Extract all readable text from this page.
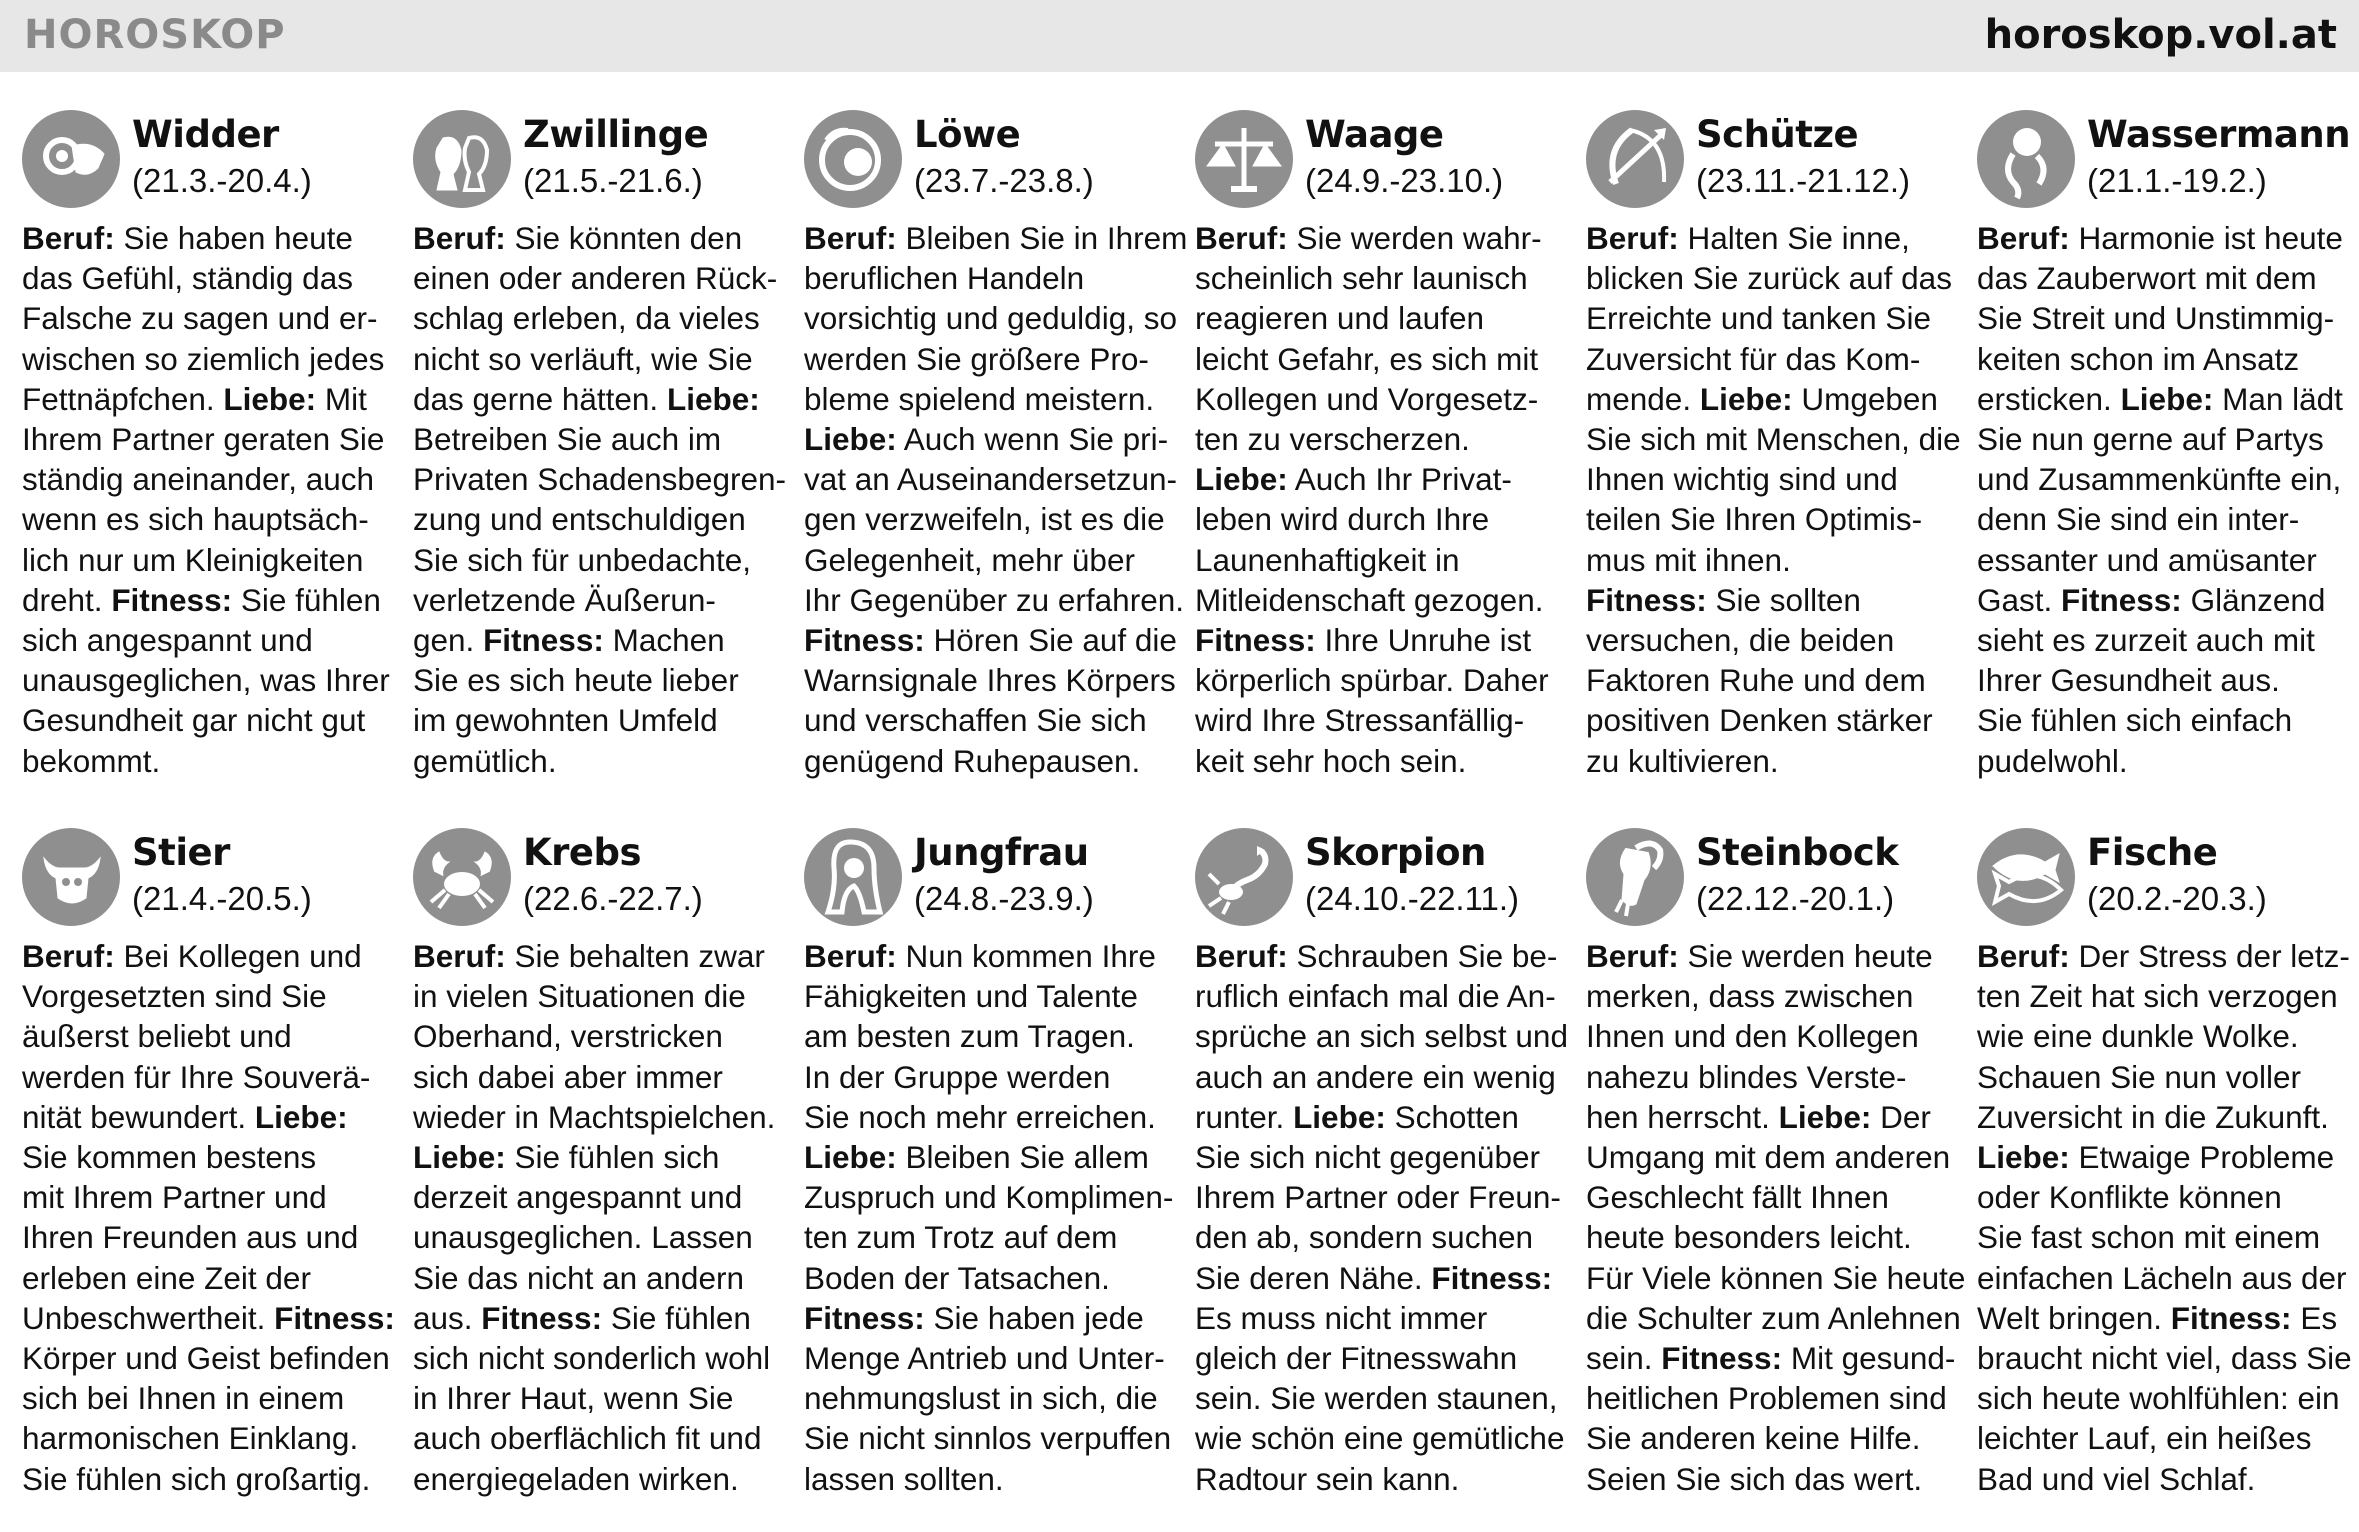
HOROSKOP	horoskop.vol.at
Widder
(21.3.-20.4.)

Beruf: Sie haben heute
das Gefühl, ständig das
Falsche zu sagen und er-
wischen so ziemlich jedes
Fettnäpfchen. Liebe: Mit
Ihrem Partner geraten Sie
ständig aneinander, auch
wenn es sich hauptsäch-
lich nur um Kleinigkeiten
dreht. Fitness: Sie fühlen
sich angespannt und
unausgeglichen, was Ihrer
Gesundheit gar nicht gut
bekommt.

Zwillinge
(21.5.-21.6.)

Beruf: Sie könnten den
einen oder anderen Rück-
schlag erleben, da vieles
nicht so verläuft, wie Sie
das gerne hätten. Liebe:
Betreiben Sie auch im
Privaten Schadensbegren-
zung und entschuldigen
Sie sich für unbedachte,
verletzende Äußerun-
gen. Fitness: Machen
Sie es sich heute lieber
im gewohnten Umfeld
gemütlich.

Löwe
(23.7.-23.8.)

Beruf: Bleiben Sie in Ihrem
beruflichen Handeln
vorsichtig und geduldig, so
werden Sie größere Pro-
bleme spielend meistern.
Liebe: Auch wenn Sie pri-
vat an Auseinandersetzun-
gen verzweifeln, ist es die
Gelegenheit, mehr über
Ihr Gegenüber zu erfahren.
Fitness: Hören Sie auf die
Warnsignale Ihres Körpers
und verschaffen Sie sich
genügend Ruhepausen.

Waage
(24.9.-23.10.)

Beruf: Sie werden wahr-
scheinlich sehr launisch
reagieren und laufen
leicht Gefahr, es sich mit
Kollegen und Vorgesetz-
ten zu verscherzen.
Liebe: Auch Ihr Privat-
leben wird durch Ihre
Launenhaftigkeit in
Mitleidenschaft gezogen.
Fitness: Ihre Unruhe ist
körperlich spürbar. Daher
wird Ihre Stressanfällig-
keit sehr hoch sein.

Schütze
(23.11.-21.12.)

Beruf: Halten Sie inne,
blicken Sie zurück auf das
Erreichte und tanken Sie
Zuversicht für das Kom-
mende. Liebe: Umgeben
Sie sich mit Menschen, die
Ihnen wichtig sind und
teilen Sie Ihren Optimis-
mus mit ihnen.
Fitness: Sie sollten
versuchen, die beiden
Faktoren Ruhe und dem
positiven Denken stärker
zu kultivieren.

Wassermann
(21.1.-19.2.)

Beruf: Harmonie ist heute
das Zauberwort mit dem
Sie Streit und Unstimmig-
keiten schon im Ansatz
ersticken. Liebe: Man lädt
Sie nun gerne auf Partys
und Zusammenkünfte ein,
denn Sie sind ein inter-
essanter und amüsanter
Gast. Fitness: Glänzend
sieht es zurzeit auch mit
Ihrer Gesundheit aus.
Sie fühlen sich einfach
pudelwohl.

Stier
(21.4.-20.5.)

Beruf: Bei Kollegen und
Vorgesetzten sind Sie
äußerst beliebt und
werden für Ihre Souverä-
nität bewundert. Liebe:
Sie kommen bestens
mit Ihrem Partner und
Ihren Freunden aus und
erleben eine Zeit der
Unbeschwertheit. Fitness:
Körper und Geist befinden
sich bei Ihnen in einem
harmonischen Einklang.
Sie fühlen sich großartig.

Krebs
(22.6.-22.7.)

Beruf: Sie behalten zwar
in vielen Situationen die
Oberhand, verstricken
sich dabei aber immer
wieder in Machtspielchen.
Liebe: Sie fühlen sich
derzeit angespannt und
unausgeglichen. Lassen
Sie das nicht an andern
aus. Fitness: Sie fühlen
sich nicht sonderlich wohl
in Ihrer Haut, wenn Sie
auch oberflächlich fit und
energiegeladen wirken.

Jungfrau
(24.8.-23.9.)

Beruf: Nun kommen Ihre
Fähigkeiten und Talente
am besten zum Tragen.
In der Gruppe werden
Sie noch mehr erreichen.
Liebe: Bleiben Sie allem
Zuspruch und Komplimen-
ten zum Trotz auf dem
Boden der Tatsachen.
Fitness: Sie haben jede
Menge Antrieb und Unter-
nehmungslust in sich, die
Sie nicht sinnlos verpuffen
lassen sollten.

Skorpion
(24.10.-22.11.)

Beruf: Schrauben Sie be-
ruflich einfach mal die An-
sprüche an sich selbst und
auch an andere ein wenig
runter. Liebe: Schotten
Sie sich nicht gegenüber
Ihrem Partner oder Freun-
den ab, sondern suchen
Sie deren Nähe. Fitness:
Es muss nicht immer
gleich der Fitnesswahn
sein. Sie werden staunen,
wie schön eine gemütliche
Radtour sein kann.

Steinbock
(22.12.-20.1.)

Beruf: Sie werden heute
merken, dass zwischen
Ihnen und den Kollegen
nahezu blindes Verste-
hen herrscht. Liebe: Der
Umgang mit dem anderen
Geschlecht fällt Ihnen
heute besonders leicht.
Für Viele können Sie heute
die Schulter zum Anlehnen
sein. Fitness: Mit gesund-
heitlichen Problemen sind
Sie anderen keine Hilfe.
Seien Sie sich das wert.

Fische
(20.2.-20.3.)

Beruf: Der Stress der letz-
ten Zeit hat sich verzogen
wie eine dunkle Wolke.
Schauen Sie nun voller
Zuversicht in die Zukunft.
Liebe: Etwaige Probleme
oder Konflikte können
Sie fast schon mit einem
einfachen Lächeln aus der
Welt bringen. Fitness: Es
braucht nicht viel, dass Sie
sich heute wohlfühlen: ein
leichter Lauf, ein heißes
Bad und viel Schlaf.
